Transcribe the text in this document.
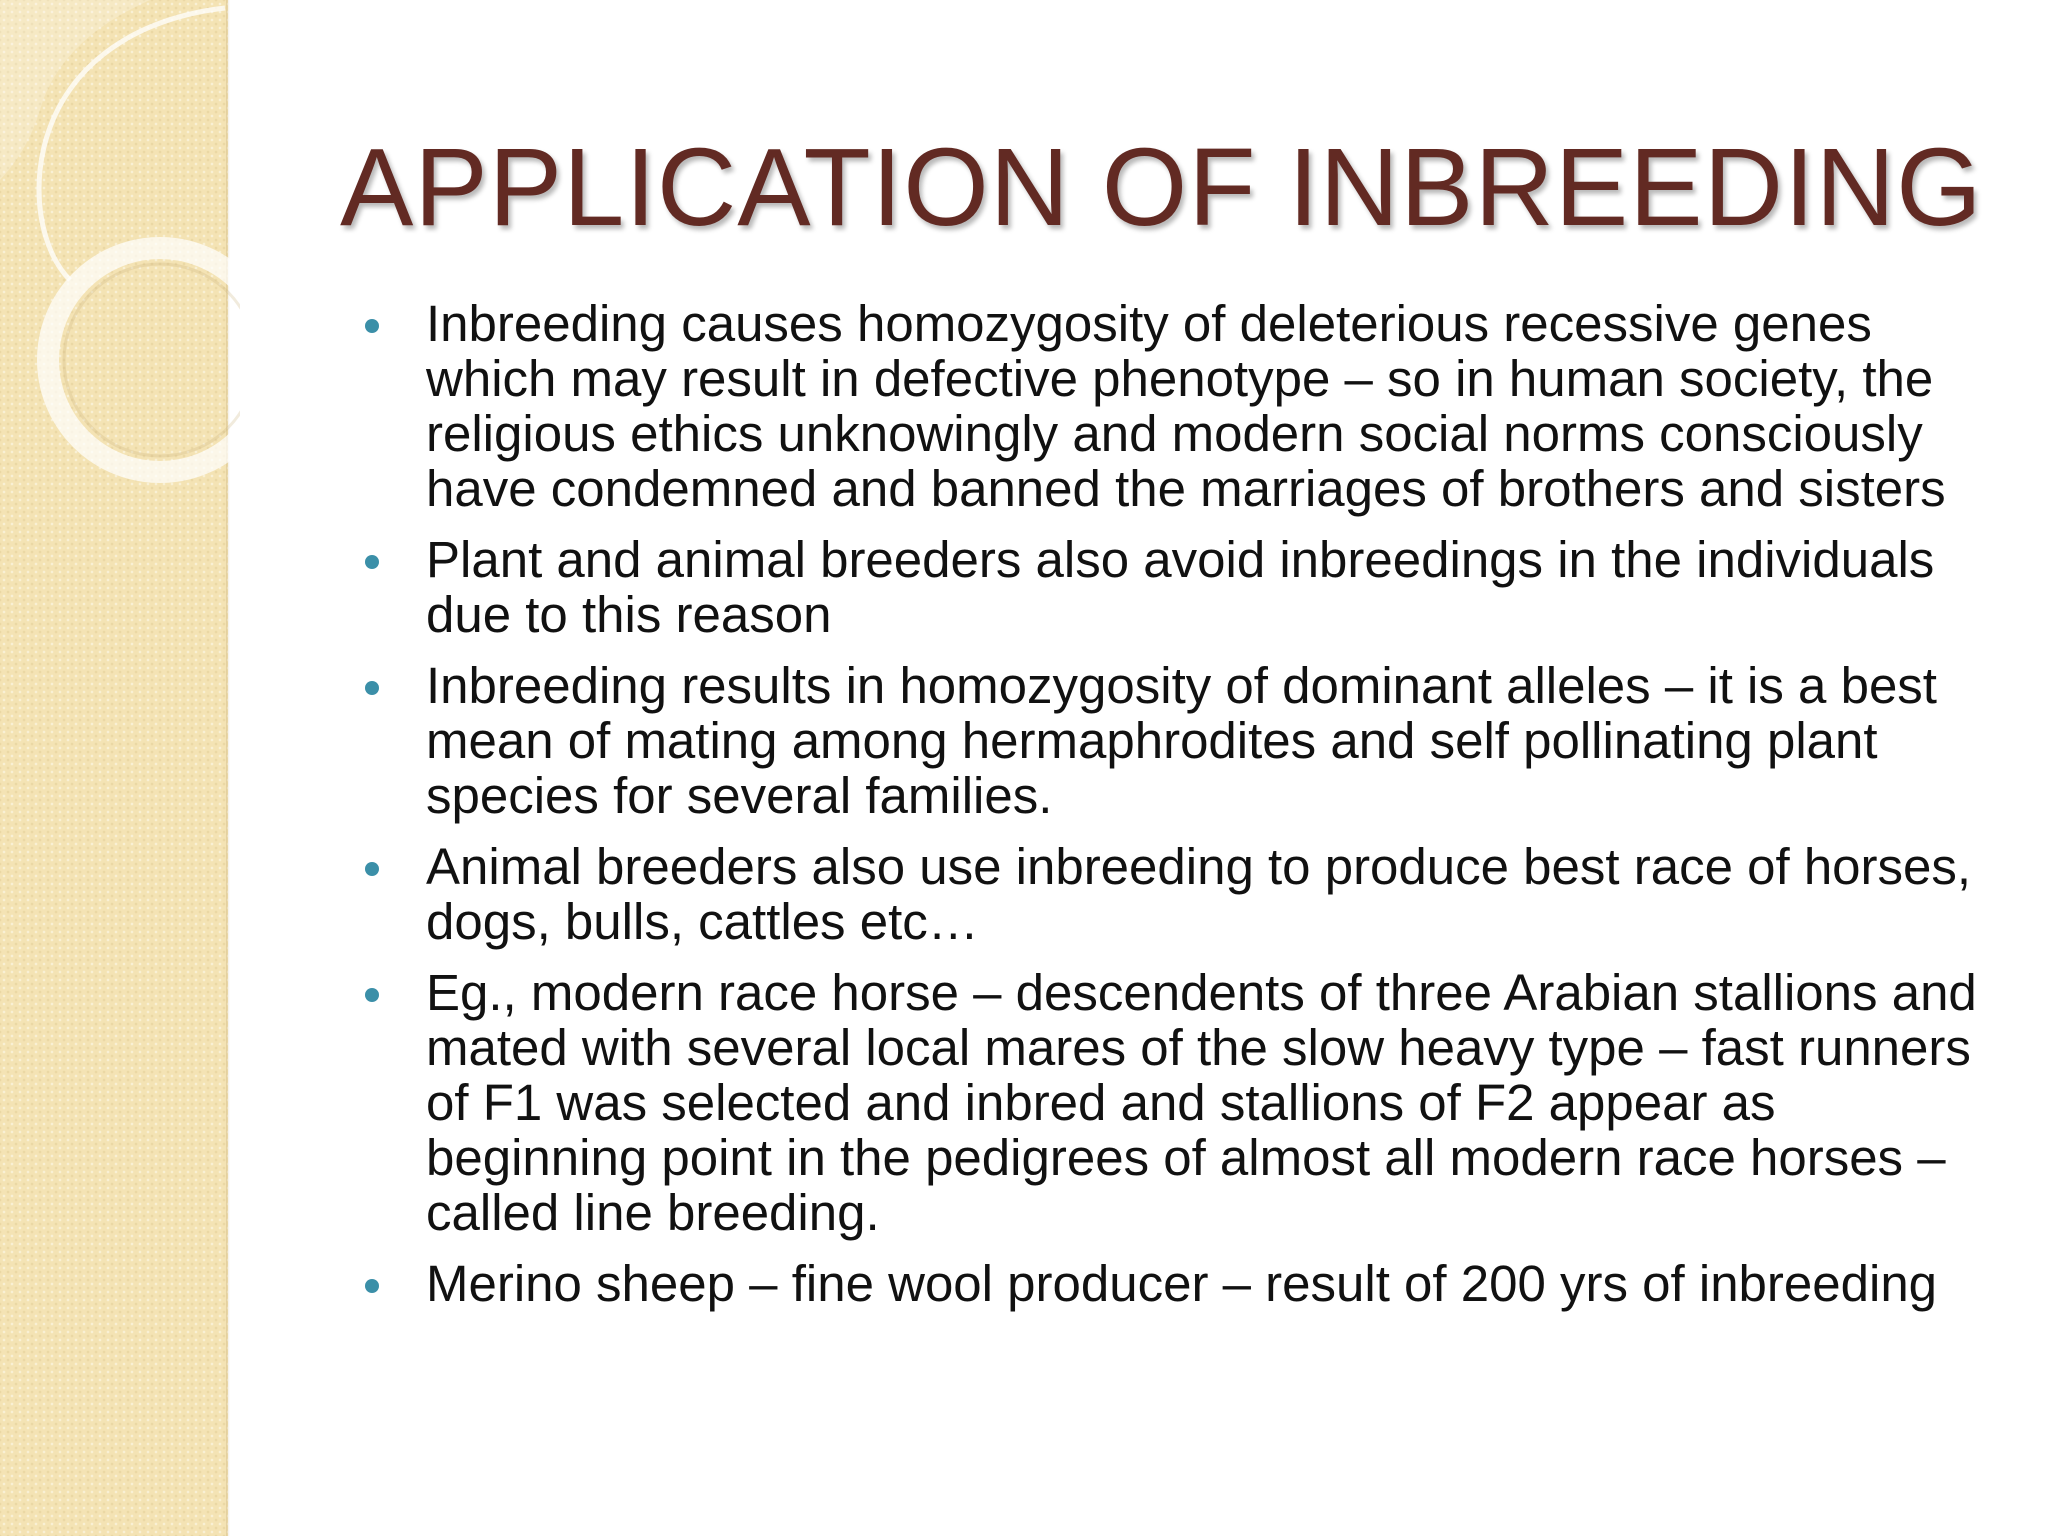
APPLICATION OF INBREEDING
Inbreeding causes homozygosity of deleterious recessive genes which may result in defective phenotype – so in human society, the religious ethics unknowingly and modern social norms consciously have condemned and banned the marriages of brothers and sisters
Plant and animal breeders also avoid inbreedings in the individuals due to this reason
Inbreeding results in homozygosity of dominant alleles – it is a best mean of mating among hermaphrodites and self pollinating plant species for several families.
Animal breeders also use inbreeding to produce best race of horses, dogs, bulls, cattles etc…
Eg., modern race horse – descendents of three Arabian stallions and mated with several local mares of the slow heavy type – fast runners of F1 was selected and inbred and stallions of F2 appear as beginning point in the pedigrees of almost all modern race horses – called line breeding.
Merino sheep – fine wool producer – result of 200 yrs of inbreeding
